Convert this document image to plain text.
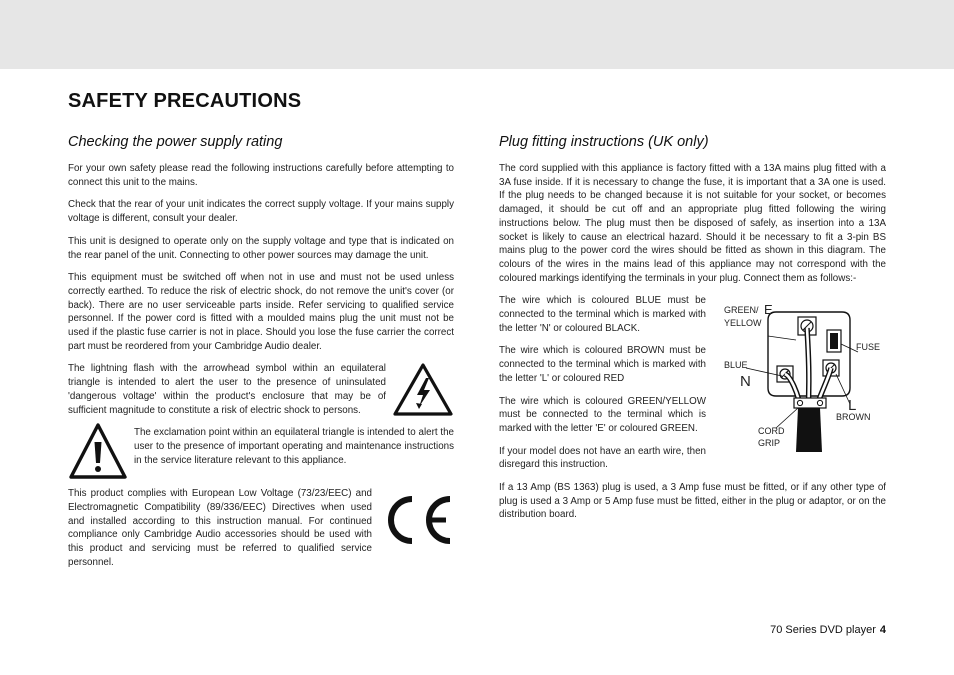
SAFETY PRECAUTIONS
Checking the power supply rating

For your own safety please read the following instructions carefully before attempting to connect this unit to the mains.

Check that the rear of your unit indicates the correct supply voltage. If your mains supply voltage is different, consult your dealer.

This unit is designed to operate only on the supply voltage and type that is indicated on the rear panel of the unit. Connecting to other power sources may damage the unit.

This equipment must be switched off when not in use and must not be used unless correctly earthed. To reduce the risk of electric shock, do not remove the unit's cover (or back). There are no user serviceable parts inside. Refer servicing to qualified service personnel. If the power cord is fitted with a moulded mains plug the unit must not be used if the plastic fuse carrier is not in place. Should you lose the fuse carrier the correct part must be reordered from your Cambridge Audio dealer.

The lightning flash with the arrowhead symbol within an equilateral triangle is intended to alert the user to the presence of uninsulated 'dangerous voltage' within the product's enclosure that may be of sufficient magnitude to constitute a risk of electric shock to persons.

The exclamation point within an equilateral triangle is intended to alert the user to the presence of important operating and maintenance instructions in the service literature relevant to this appliance.

This product complies with European Low Voltage (73/23/EEC) and Electromagnetic Compatibility (89/336/EEC) Directives when used and installed according to this instruction manual. For continued compliance only Cambridge Audio accessories should be used with this product and servicing must be referred to qualified service personnel.

Plug fitting instructions (UK only)

The cord supplied with this appliance is factory fitted with a 13A mains plug fitted with a 3A fuse inside. If it is necessary to change the fuse, it is important that a 3A one is used. If the plug needs to be changed because it is not suitable for your socket, or becomes damaged, it should be cut off and an appropriate plug fitted following the wiring instructions below. The plug must then be disposed of safely, as insertion into a 13A socket is likely to cause an electrical hazard. Should it be necessary to fit a 3-pin BS mains plug to the power cord the wires should be fitted as shown in this diagram. The colours of the wires in the mains lead of this appliance may not correspond with the coloured markings identifying the terminals in your plug. Connect them as follows:-

The wire which is coloured BLUE must be connected to the terminal which is marked with the letter 'N' or coloured BLACK.

The wire which is coloured BROWN must be connected to the terminal which is marked with the letter 'L' or coloured RED

The wire which is coloured GREEN/YELLOW must be connected to the terminal which is marked with the letter 'E' or coloured GREEN.

If your model does not have an earth wire, then disregard this instruction.

GREEN/ E
YELLOW
FUSE
BLUE
N
L
BROWN
CORD
GRIP

If a 13 Amp (BS 1363) plug is used, a 3 Amp fuse must be fitted, or if any other type of plug is used a 3 Amp or 5 Amp fuse must be fitted, either in the plug or adaptor, or on the distribution board.

70 Series DVD player 4
